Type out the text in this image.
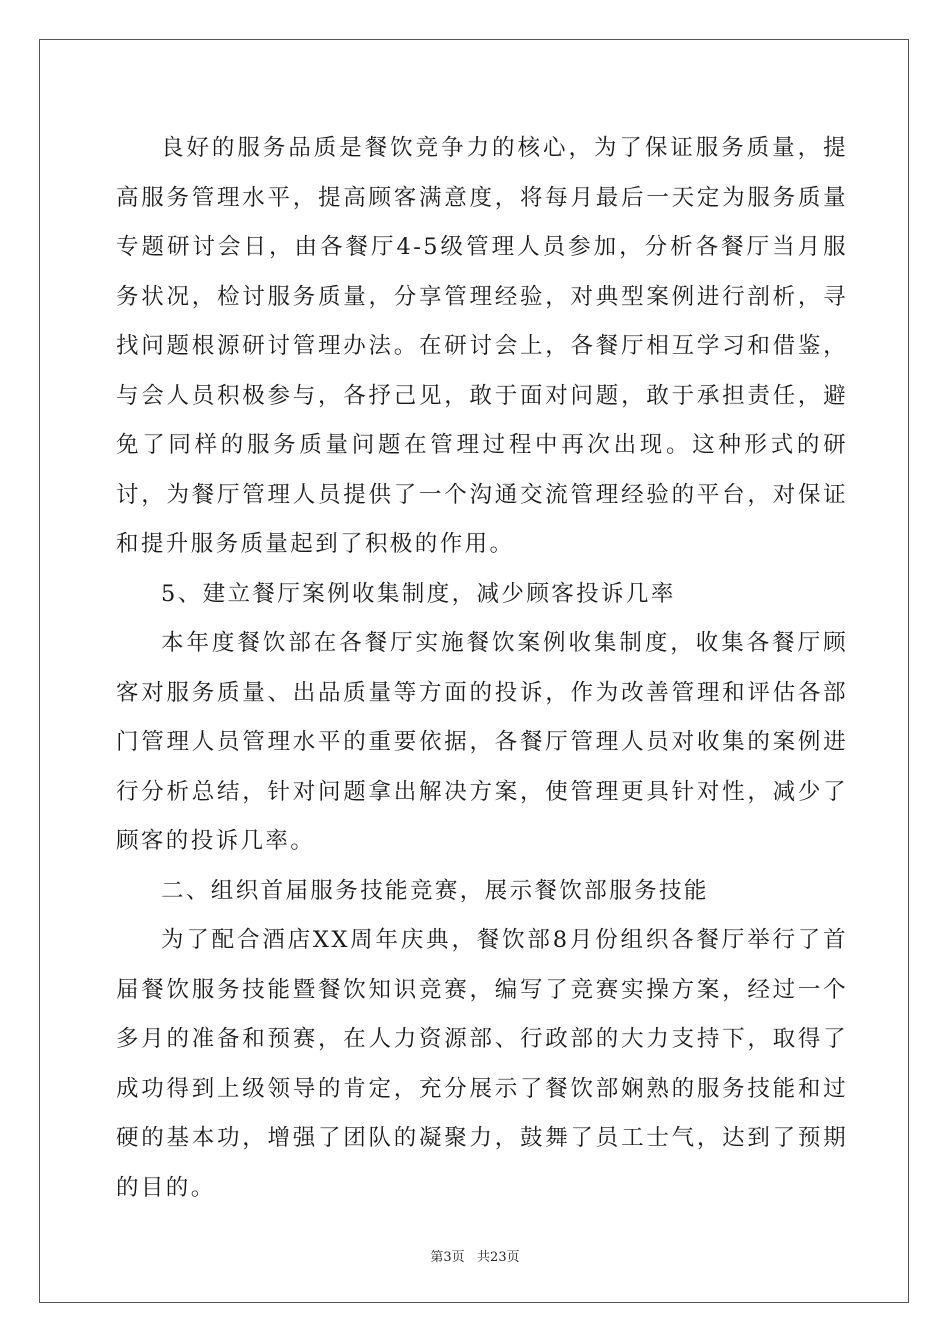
良好的服务品质是餐饮竞争力的核心，为了保证服务质量，提高服务管理水平，提高顾客满意度，将每月最后一天定为服务质量专题研讨会日，由各餐厅4-5级管理人员参加，分析各餐厅当月服务状况，检讨服务质量，分享管理经验，对典型案例进行剖析，寻找问题根源研讨管理办法。在研讨会上，各餐厅相互学习和借鉴，与会人员积极参与，各抒己见，敢于面对问题，敢于承担责任，避免了同样的服务质量问题在管理过程中再次出现。这种形式的研讨，为餐厅管理人员提供了一个沟通交流管理经验的平台，对保证和提升服务质量起到了积极的作用。

5、建立餐厅案例收集制度，减少顾客投诉几率

本年度餐饮部在各餐厅实施餐饮案例收集制度，收集各餐厅顾客对服务质量、出品质量等方面的投诉，作为改善管理和评估各部门管理人员管理水平的重要依据，各餐厅管理人员对收集的案例进行分析总结，针对问题拿出解决方案，使管理更具针对性，减少了顾客的投诉几率。

二、组织首届服务技能竞赛，展示餐饮部服务技能

为了配合酒店XX周年庆典，餐饮部8月份组织各餐厅举行了首届餐饮服务技能暨餐饮知识竞赛，编写了竞赛实操方案，经过一个多月的准备和预赛，在人力资源部、行政部的大力支持下，取得了成功得到上级领导的肯定，充分展示了餐饮部娴熟的服务技能和过硬的基本功，增强了团队的凝聚力，鼓舞了员工士气，达到了预期的目的。

第3页   共23页
